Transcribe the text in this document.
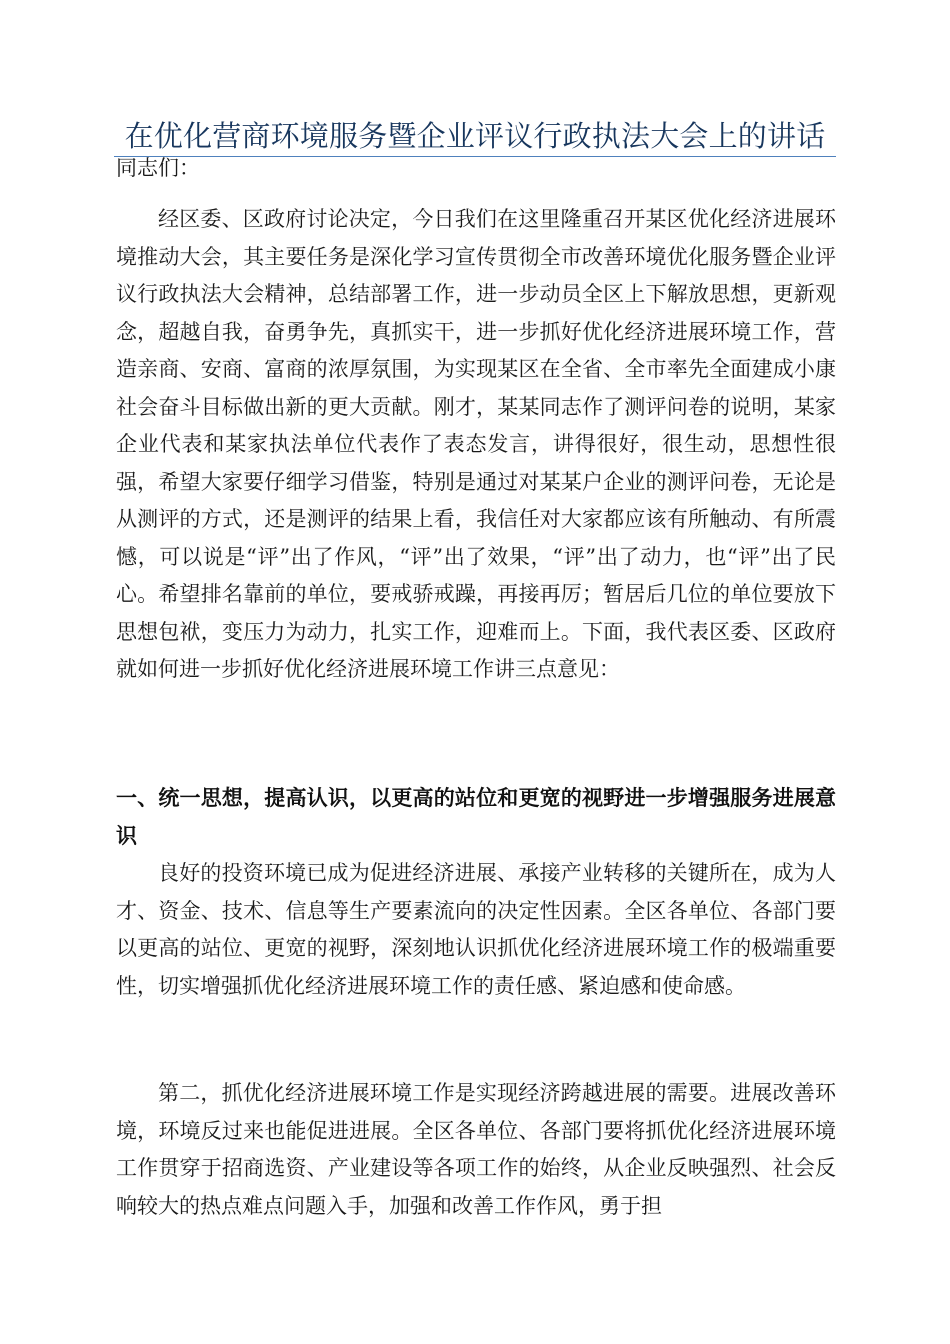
在优化营商环境服务暨企业评议行政执法大会上的讲话

同志们：

经区委、区政府讨论决定，今日我们在这里隆重召开某区优化经济进展环境推动大会，其主要任务是深化学习宣传贯彻全市改善环境优化服务暨企业评议行政执法大会精神，总结部署工作，进一步动员全区上下解放思想，更新观念，超越自我，奋勇争先，真抓实干，进一步抓好优化经济进展环境工作，营造亲商、安商、富商的浓厚氛围，为实现某区在全省、全市率先全面建成小康社会奋斗目标做出新的更大贡献。刚才，某某同志作了测评问卷的说明，某家企业代表和某家执法单位代表作了表态发言，讲得很好，很生动，思想性很强，希望大家要仔细学习借鉴，特别是通过对某某户企业的测评问卷，无论是从测评的方式，还是测评的结果上看，我信任对大家都应该有所触动、有所震憾，可以说是“评”出了作风，“评”出了效果，“评”出了动力，也“评”出了民心。希望排名靠前的单位，要戒骄戒躁，再接再厉；暂居后几位的单位要放下思想包袱，变压力为动力，扎实工作，迎难而上。下面，我代表区委、区政府就如何进一步抓好优化经济进展环境工作讲三点意见：

一、统一思想，提高认识，以更高的站位和更宽的视野进一步增强服务进展意识

良好的投资环境已成为促进经济进展、承接产业转移的关键所在，成为人才、资金、技术、信息等生产要素流向的决定性因素。全区各单位、各部门要以更高的站位、更宽的视野，深刻地认识抓优化经济进展环境工作的极端重要性，切实增强抓优化经济进展环境工作的责任感、紧迫感和使命感。

第二，抓优化经济进展环境工作是实现经济跨越进展的需要。进展改善环境，环境反过来也能促进进展。全区各单位、各部门要将抓优化经济进展环境工作贯穿于招商选资、产业建设等各项工作的始终，从企业反映强烈、社会反响较大的热点难点问题入手，加强和改善工作作风，勇于担
